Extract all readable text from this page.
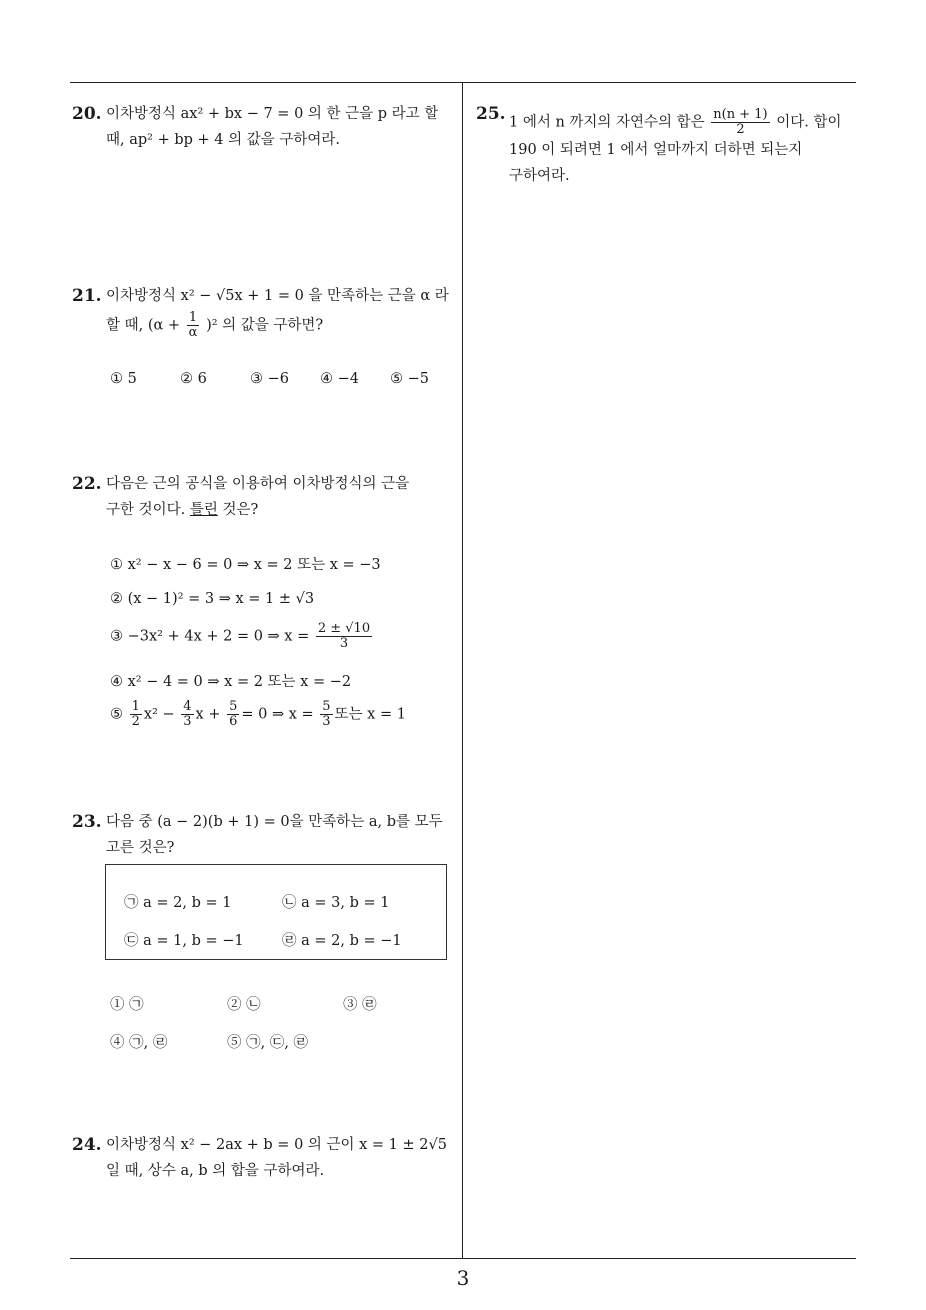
20. 이차방정식 ax² + bx − 7 = 0 의 한 근을 p 라고 할
때, ap² + bp + 4 의 값을 구하여라.
21. 이차방정식 x² − √5x + 1 = 0 을 만족하는 근을 α 라
할 때, $(\alpha + \frac{1}{\alpha} )^2$ 의 값을 구하면?
① 5	② 6	③ −6 ④ −4 ⑤ −5
22. 다음은 근의 공식을 이용하여 이차방정식의 근을
구한 것이다. 틀린 것은?
① x² − x − 6 = 0 ⇒ x = 2 또는 x = −3
② (x − 1)² = 3 ⇒ x = 1 ± √3
③ −3x² + 4x + 2 = 0 ⇒ $x = \frac{2 \pm √10}{3}$
④ x² − 4 = 0 ⇒ x = 2 또는 x = −2
⑤ $\frac{1}{2} x^2 - \frac{4}{3}$ $x + \frac{5}{6} = 0$ ⇒ $x = \frac{5}{3}$ 또는 x = 1
23. 다음 중 (a − 2)(b + 1) = 0을 만족하는 a, b를 모두
고른 것은?
㉠ a = 2, b = 1	㉡ a = 3, b = 1
㉢ a = 1, b = −1	㉣ a = 2, b = −1
① ㉠	② ㉡	③ ㉣
④ ㉠, ㉣	⑤ ㉠, ㉢, ㉣
24. 이차방정식 x² − 2ax + b = 0 의 근이 x = 1 ± 2√5
일 때, 상수 a, b 의 합을 구하여라.
25. 1 에서 n 까지의 자연수의 합은 $\frac{n(n + 1)}{2}$ 이다. 합이
190 이 되려면 1 에서 얼마까지 더하면 되는지
구하여라.
3
